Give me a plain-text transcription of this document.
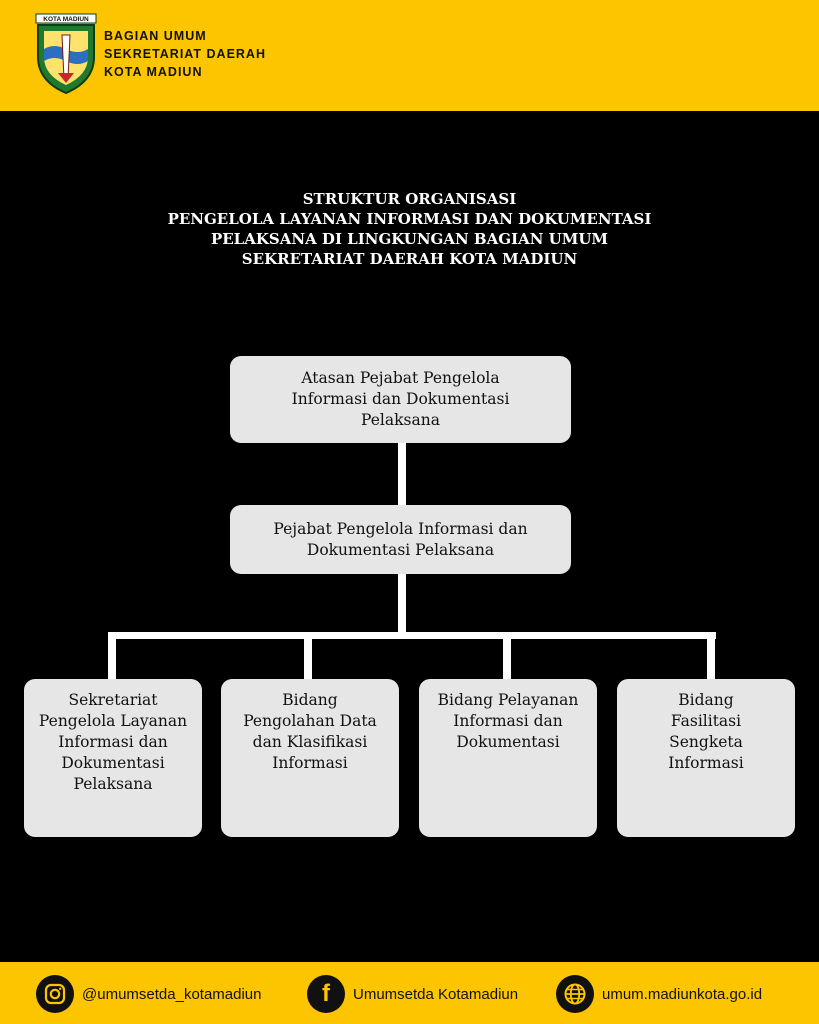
KOTA MADIUN
BAGIAN UMUM
SEKRETARIAT DAERAH
KOTA MADIUN
STRUKTUR ORGANISASI
PENGELOLA LAYANAN INFORMASI DAN DOKUMENTASI
PELAKSANA DI LINGKUNGAN BAGIAN UMUM
SEKRETARIAT DAERAH KOTA MADIUN
Atasan Pejabat Pengelola Informasi dan Dokumentasi Pelaksana
Pejabat Pengelola Informasi dan Dokumentasi Pelaksana
Sekretariat Pengelola Layanan Informasi dan Dokumentasi Pelaksana
Bidang Pengolahan Data dan Klasifikasi Informasi
Bidang Pelayanan Informasi dan Dokumentasi
Bidang Fasilitasi Sengketa Informasi
@umumsetda_kotamadiun	f Umumsetda Kotamadiun	umum.madiunkota.go.id
